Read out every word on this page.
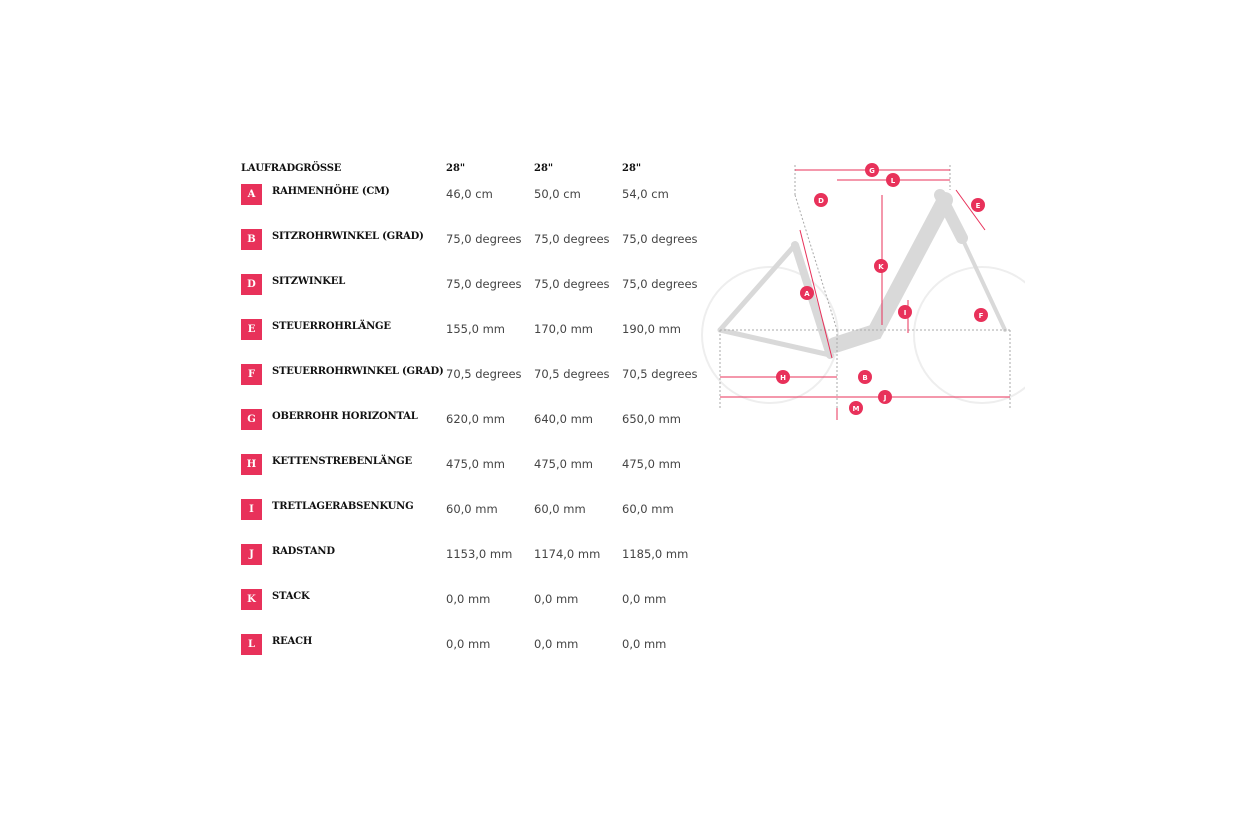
LAUFRADGRÖSSE	28"	28"	28"
A	RAHMENHÖHE (CM)	46,0 cm	50,0 cm	54,0 cm
B	SITZROHRWINKEL (GRAD) 75,0 degrees 75,0 degrees 75,0 degrees
D	SITZWINKEL	75,0 degrees 75,0 degrees 75,0 degrees
E	STEUERROHRLÄNGE	155,0 mm	170,0 mm	190,0 mm
F	STEUERROHRWINKEL (GRAD) 70,5 degrees 70,5 degrees 70,5 degrees
G	OBERROHR HORIZONTAL 620,0 mm	640,0 mm	650,0 mm
H	KETTENSTREBENLÄNGE	475,0 mm	475,0 mm	475,0 mm
I	TRETLAGERABSENKUNG	60,0 mm	60,0 mm	60,0 mm
J	RADSTAND	1153,0 mm 1174,0 mm 1185,0 mm
K	STACK	0,0 mm	0,0 mm	0,0 mm
L	REACH	0,0 mm	0,0 mm	0,0 mm
G
L
D
E
K
A
I	F
H	B
J
M
